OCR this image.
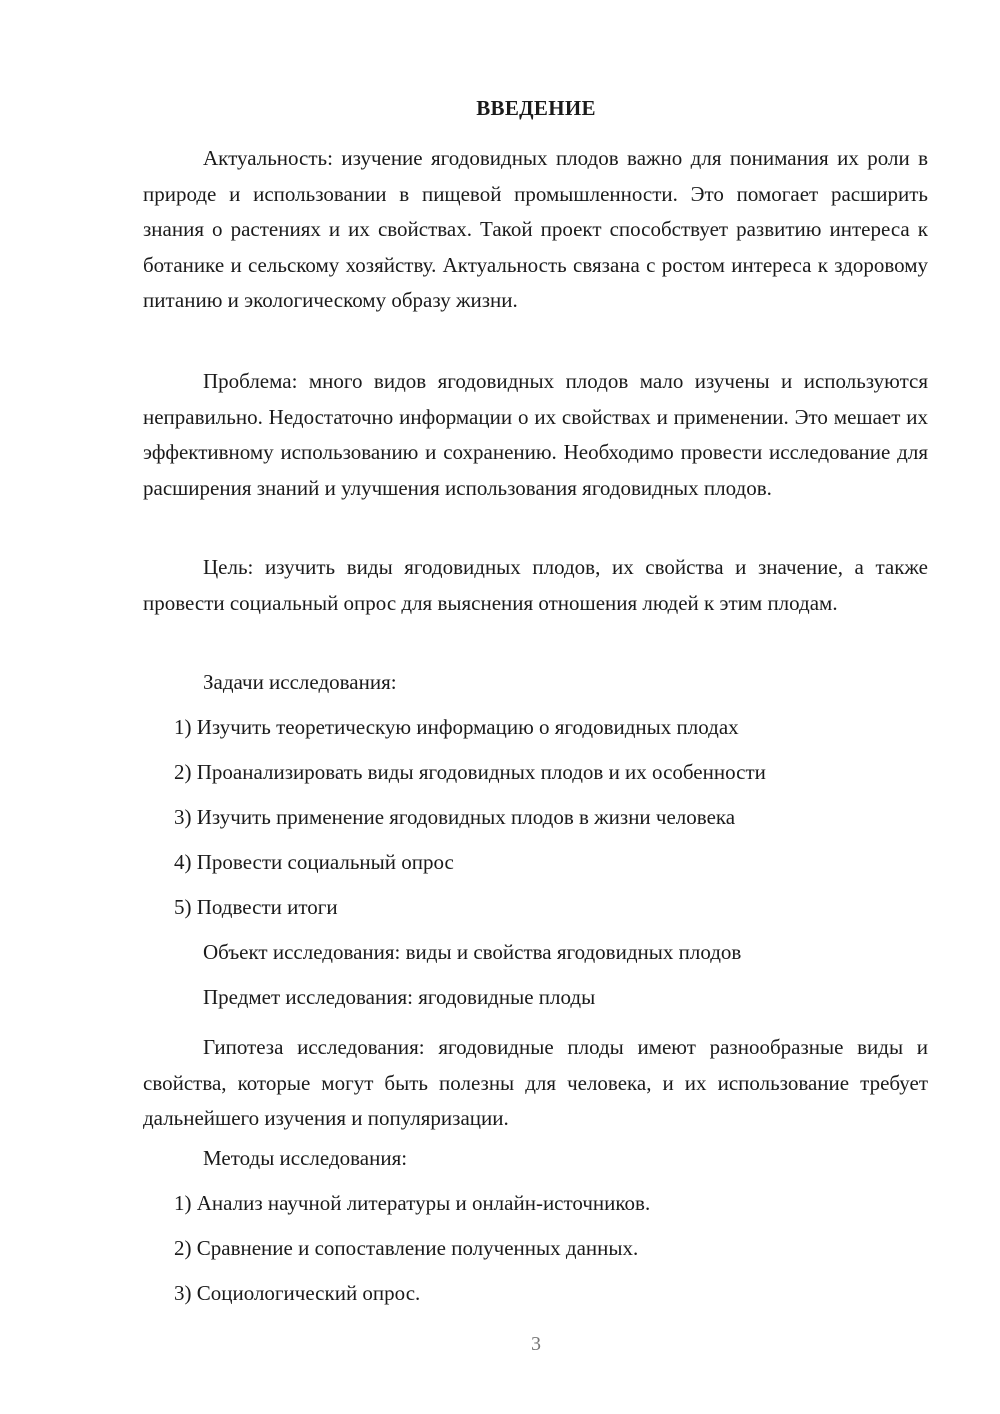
ВВЕДЕНИЕ
Актуальность: изучение ягодовидных плодов важно для понимания их роли в природе и использовании в пищевой промышленности. Это помогает расширить знания о растениях и их свойствах. Такой проект способствует развитию интереса к ботанике и сельскому хозяйству. Актуальность связана с ростом интереса к здоровому питанию и экологическому образу жизни.
Проблема: много видов ягодовидных плодов мало изучены и используются неправильно. Недостаточно информации о их свойствах и применении. Это мешает их эффективному использованию и сохранению. Необходимо провести исследование для расширения знаний и улучшения использования ягодовидных плодов.
Цель: изучить виды ягодовидных плодов, их свойства и значение, а также провести социальный опрос для выяснения отношения людей к этим плодам.
Задачи исследования:
1) Изучить теоретическую информацию о ягодовидных плодах
2) Проанализировать виды ягодовидных плодов и их особенности
3) Изучить применение ягодовидных плодов в жизни человека
4) Провести социальный опрос
5) Подвести итоги
Объект исследования: виды и свойства ягодовидных плодов
Предмет исследования: ягодовидные плоды
Гипотеза исследования: ягодовидные плоды имеют разнообразные виды и свойства, которые могут быть полезны для человека, и их использование требует дальнейшего изучения и популяризации.
Методы исследования:
1) Анализ научной литературы и онлайн-источников.
2) Сравнение и сопоставление полученных данных.
3) Социологический опрос.
3
